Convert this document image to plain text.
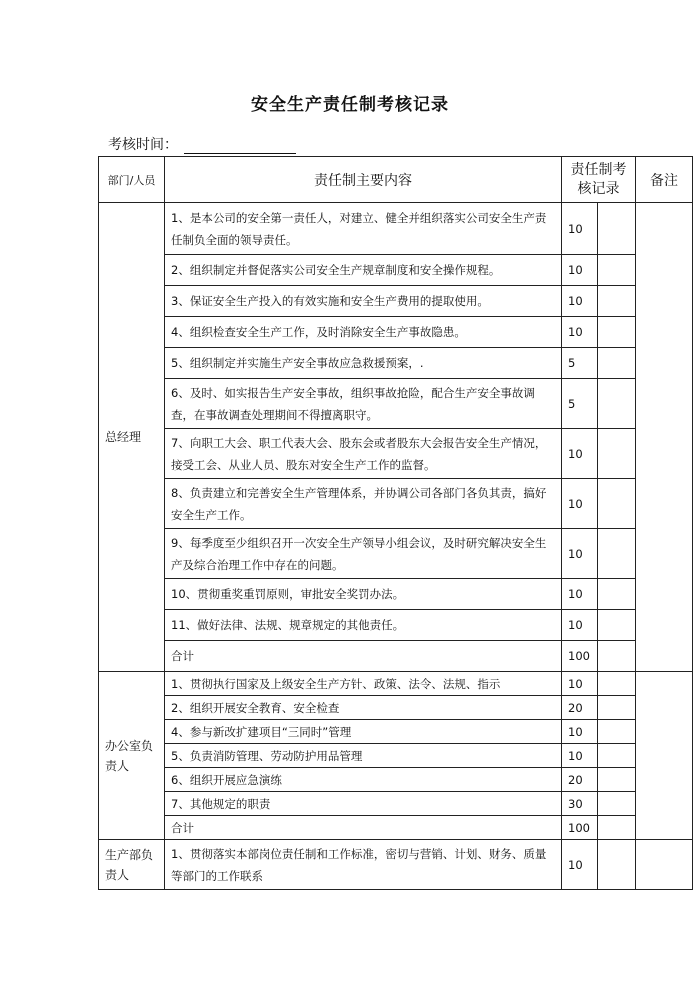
安全生产责任制考核记录
考核时间：
部门/人员	责任制主要内容	责任制考核记录		备注
总经理	1、是本公司的安全第一责任人，对建立、健全并组织落实公司安全生产责任制负全面的领导责任。	10		
	2、组织制定并督促落实公司安全生产规章制度和安全操作规程。	10		
	3、保证安全生产投入的有效实施和安全生产费用的提取使用。	10		
	4、组织检查安全生产工作，及时消除安全生产事故隐患。	10		
	5、组织制定并实施生产安全事故应急救援预案，.	5		
	6、及时、如实报告生产安全事故，组织事故抢险，配合生产安全事故调查，在事故调查处理期间不得擅离职守。	5		
	7、向职工大会、职工代表大会、股东会或者股东大会报告安全生产情况，接受工会、从业人员、股东对安全生产工作的监督。	10		
	8、负责建立和完善安全生产管理体系，并协调公司各部门各负其责，搞好安全生产工作。	10		
	9、每季度至少组织召开一次安全生产领导小组会议，及时研究解决安全生产及综合治理工作中存在的问题。	10		
	10、贯彻重奖重罚原则，审批安全奖罚办法。	10		
	11、做好法律、法规、规章规定的其他责任。	10		
	合计	100		
办公室负责人	1、贯彻执行国家及上级安全生产方针、政策、法令、法规、指示	10		
	2、组织开展安全教育、安全检查	20		
	4、参与新改扩建项目“三同时”管理	10		
	5、负责消防管理、劳动防护用品管理	10		
	6、组织开展应急演练	20		
	7、其他规定的职责	30		
	合计	100		
生产部负责人	1、贯彻落实本部岗位责任制和工作标准，密切与营销、计划、财务、质量等部门的工作联系	10		
